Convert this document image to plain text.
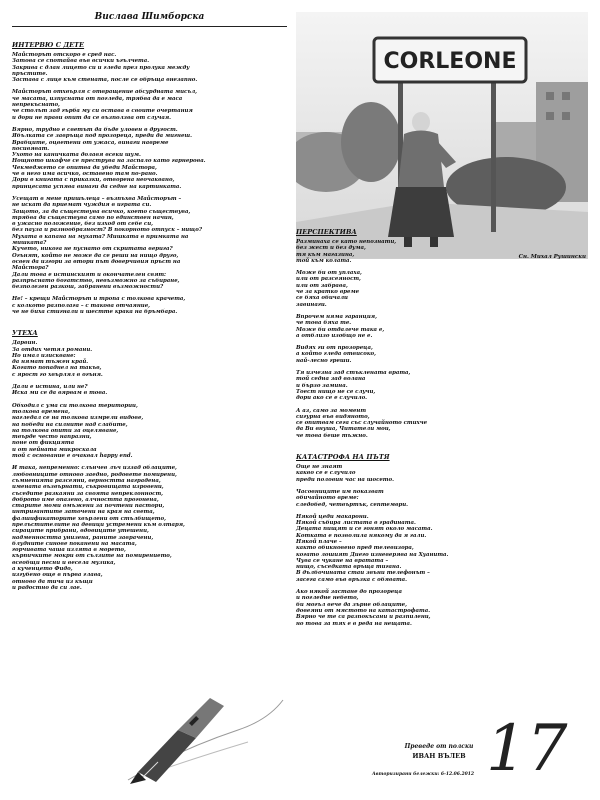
Вислава Шимборска
ИНТЕРВЮ С ДЕТЕ
Майсторът отскоро е сред нас.
Затова се спотайва във всички ъгълчета.
Закрива с длан лицето си и гледа през пролука между
пръстите.
Заставa с лице към стената, после се обръща внезапно.
Майсторът отхвърля с отвращение абсурдната мисъл,
че масата, изпусната от погледа, трябва да е маса
непрекъснато,
че столът зад гърба му си остава в своите очертания
и дори не прави опит да се възползва от случая.
Вярно, трудно е светът да бъде уловен в другост.
Ябълката се завръща под прозореца, преди да мигнеш.
Врабците, оцветени от ужаса, винаги навреме
посивяват.
Ухото на каничката долавя всеки шум.
Нощното шкафче се преструва на заспало като гарнерова.
Чекмеджето се опитва да убеди Майстора,
че в него има всичко, оставено там по-рано.
Дори в книгата с приказки, отворена неочаквано,
принцесата успява винаги да седне на картинката.
Усещат в мене пришълеца – възпъхва Майсторът –
не искат да приемат чуждия в играта си.
Защото, за да съществува всичко, което съществува,
трябва да съществува само по единствен начин,
в ужасно положение, без изход от себе си,
без пауза и разнообразност? В покорното отпуск – нищо?
Мухата в капана на мухата? Мишката в примката на
мишката?
Кучето, никога не пуснато от скритата верига?
Огънят, който не може да се реши на нищо друго,
освен да изгори за втори път доверчивия пръст на
Майстора?
Дали това е истинският и окончателен свят:
разпръснато богатство, невъзможно за събиране,
безполезен разкош, забранени възможности?
Не! – крещи Майсторът и тропа с толкова крачета,
с колкото разполага – с такова отчаяние,
че не бихa стигнали и шестте крака на бръмбара.
УТЕХА
Дарвин.
За отдих четял романи.
Но имал изискване:
да нямат тъжен край.
Когато попаднел на такъв,
с ярост го хвърлял в огъня.
Дали е истина, или не?
Иска ми се да вярвам в това.
Обходил с ума си толкова територии,
толкова времена,
нагледал се на толкова измрели видове,
на победи на силните над слабите,
на толкова опити за оцеляване,
твърде често напразни,
поне от фикцията
и от нейната микроскала
той с основание е очаквал happy end.
И така, непременно: слънчев лъч иззад облаците,
любовниците отново заедно, родовете помирени,
съмненията разсеяни, верността наградена,
имената възвърнати, съкровищата изровени,
съседите разкаяни за своята непреклонност,
доброто име опазено, алчността прогонена,
старите моми омъжени за почтени пастори,
интригантите заточени на края на света,
фалшификаторите хвърлени от стълбището,
прелъстителите на девици устремени към олтаря,
сираците прибрани, вдовиците утешени,
надменността унизена, раните заврачени,
блудните синове поканени на масата,
горчивата чаша излята в морето,
кърпичките мокри от сълзите на помирението,
всеобщи песни и весела музика,
а кученцето Фидо,
изгубено още в първа глава,
отново да тича из къщи
и радостно да си лае.
CORLEONE
Сн. Михал Рушински
ПЕРСПЕКТИВА
Разминаха се като непознати,
без жест и без дума,
тя към магазина,
той към колата.
Може би от уплаха,
или от разсеяност,
или от забрава,
че за кратко време
се бяха обичали
завинаги.
Впрочем няма гаранция,
че това бяха те.
Може би отдалече така е,
а отблизо изобщо не е.
Видях ги от прозореца,
а който гледа отвисоко,
най-лесно греши.
Тя изчезна зад стъклената врата,
той седна зад волана
и бързо замина.
Тоест нищо не се случи,
дори ако се е случило.
А аз, само за момент
сигурна във видяното,
се опитвам сега със случайното стихче
да Ви внуша, Читатели мои,
че това беше тъжно.
КАТАСТРОФА НА ПЪТЯ
Още не знаят
какво се е случило
преди половин час на шосето.
Часовниците им показват
обичайното време:
следобед, четвъртък, септември.
Някой цеди макарони.
Някой събира листата в градината.
Децата пищят и се гонят около масата.
Котката е позволила някому да я гали.
Някой плаче –
както обикновено пред телевизора,
когато лошият Диего изневерява на Хуанита.
Чува се чукане на вратата –
нищо, съседката връща тигана.
В дълбочината стаи звъни телефонът –
засега само във връзка с обявата.
Ако някой застане до прозореца
и погледне небето,
би могъл вече да зърне облаците,
довеяни от мястото на катастрофата.
Вярно че те са разпокъсани и разпилени,
но това за тях е в реда на нещата.
Преведе от полски
ИВАН ВЪЛЕВ
Авторизирани бележки: 6-12.06.2012 17
